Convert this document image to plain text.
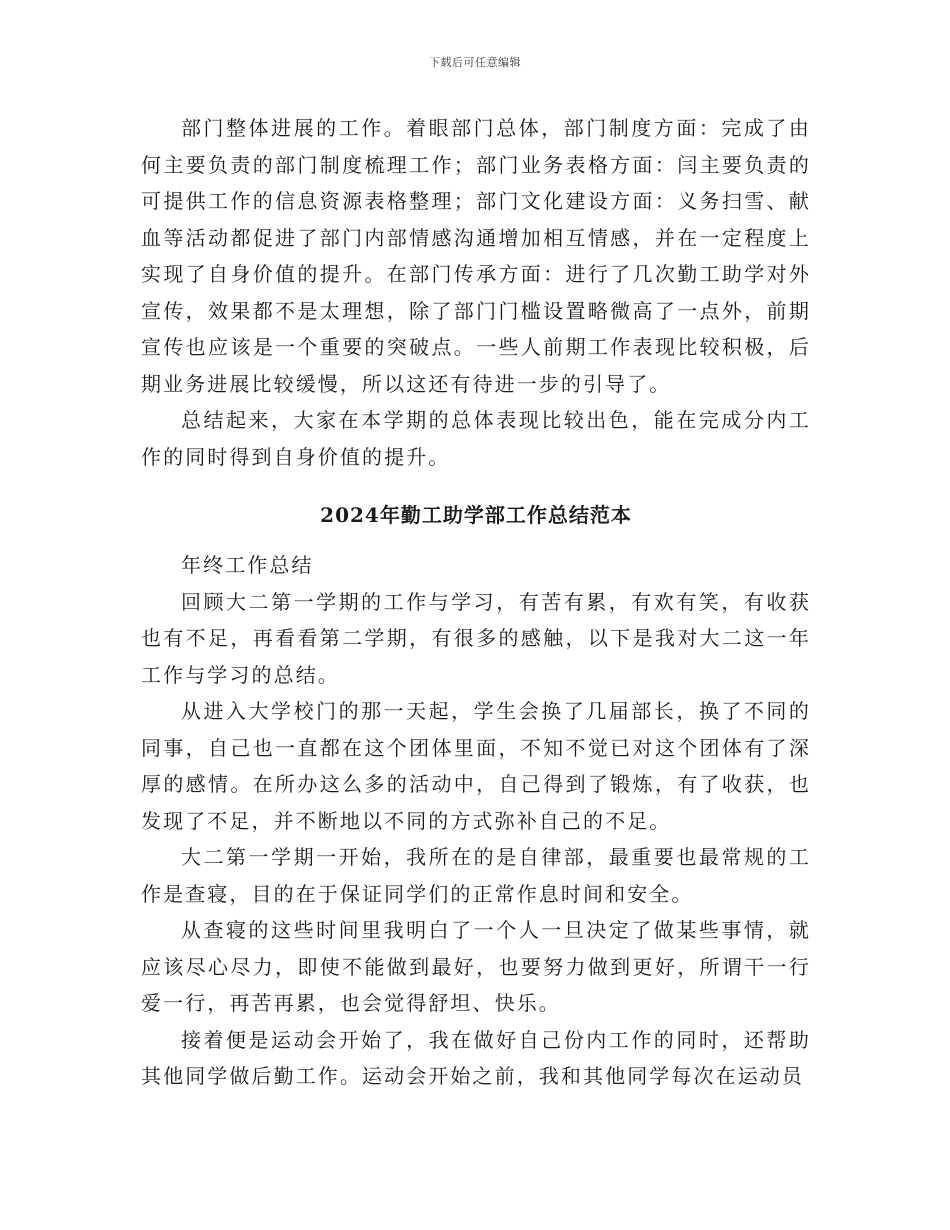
下载后可任意编辑

部门整体进展的工作。着眼部门总体，部门制度方面：完成了由何主要负责的部门制度梳理工作；部门业务表格方面：闫主要负责的可提供工作的信息资源表格整理；部门文化建设方面：义务扫雪、献血等活动都促进了部门内部情感沟通增加相互情感，并在一定程度上实现了自身价值的提升。在部门传承方面：进行了几次勤工助学对外宣传，效果都不是太理想，除了部门门槛设置略微高了一点外，前期宣传也应该是一个重要的突破点。一些人前期工作表现比较积极，后期业务进展比较缓慢，所以这还有待进一步的引导了。

总结起来，大家在本学期的总体表现比较出色，能在完成分内工作的同时得到自身价值的提升。

2024年勤工助学部工作总结范本

年终工作总结

回顾大二第一学期的工作与学习，有苦有累，有欢有笑，有收获也有不足，再看看第二学期，有很多的感触，以下是我对大二这一年工作与学习的总结。

从进入大学校门的那一天起，学生会换了几届部长，换了不同的同事，自己也一直都在这个团体里面，不知不觉已对这个团体有了深厚的感情。在所办这么多的活动中，自己得到了锻炼，有了收获，也发现了不足，并不断地以不同的方式弥补自己的不足。

大二第一学期一开始，我所在的是自律部，最重要也最常规的工作是查寝，目的在于保证同学们的正常作息时间和安全。

从查寝的这些时间里我明白了一个人一旦决定了做某些事情，就应该尽心尽力，即使不能做到最好，也要努力做到更好，所谓干一行爱一行，再苦再累，也会觉得舒坦、快乐。

接着便是运动会开始了，我在做好自己份内工作的同时，还帮助其他同学做后勤工作。运动会开始之前，我和其他同学每次在运动员
